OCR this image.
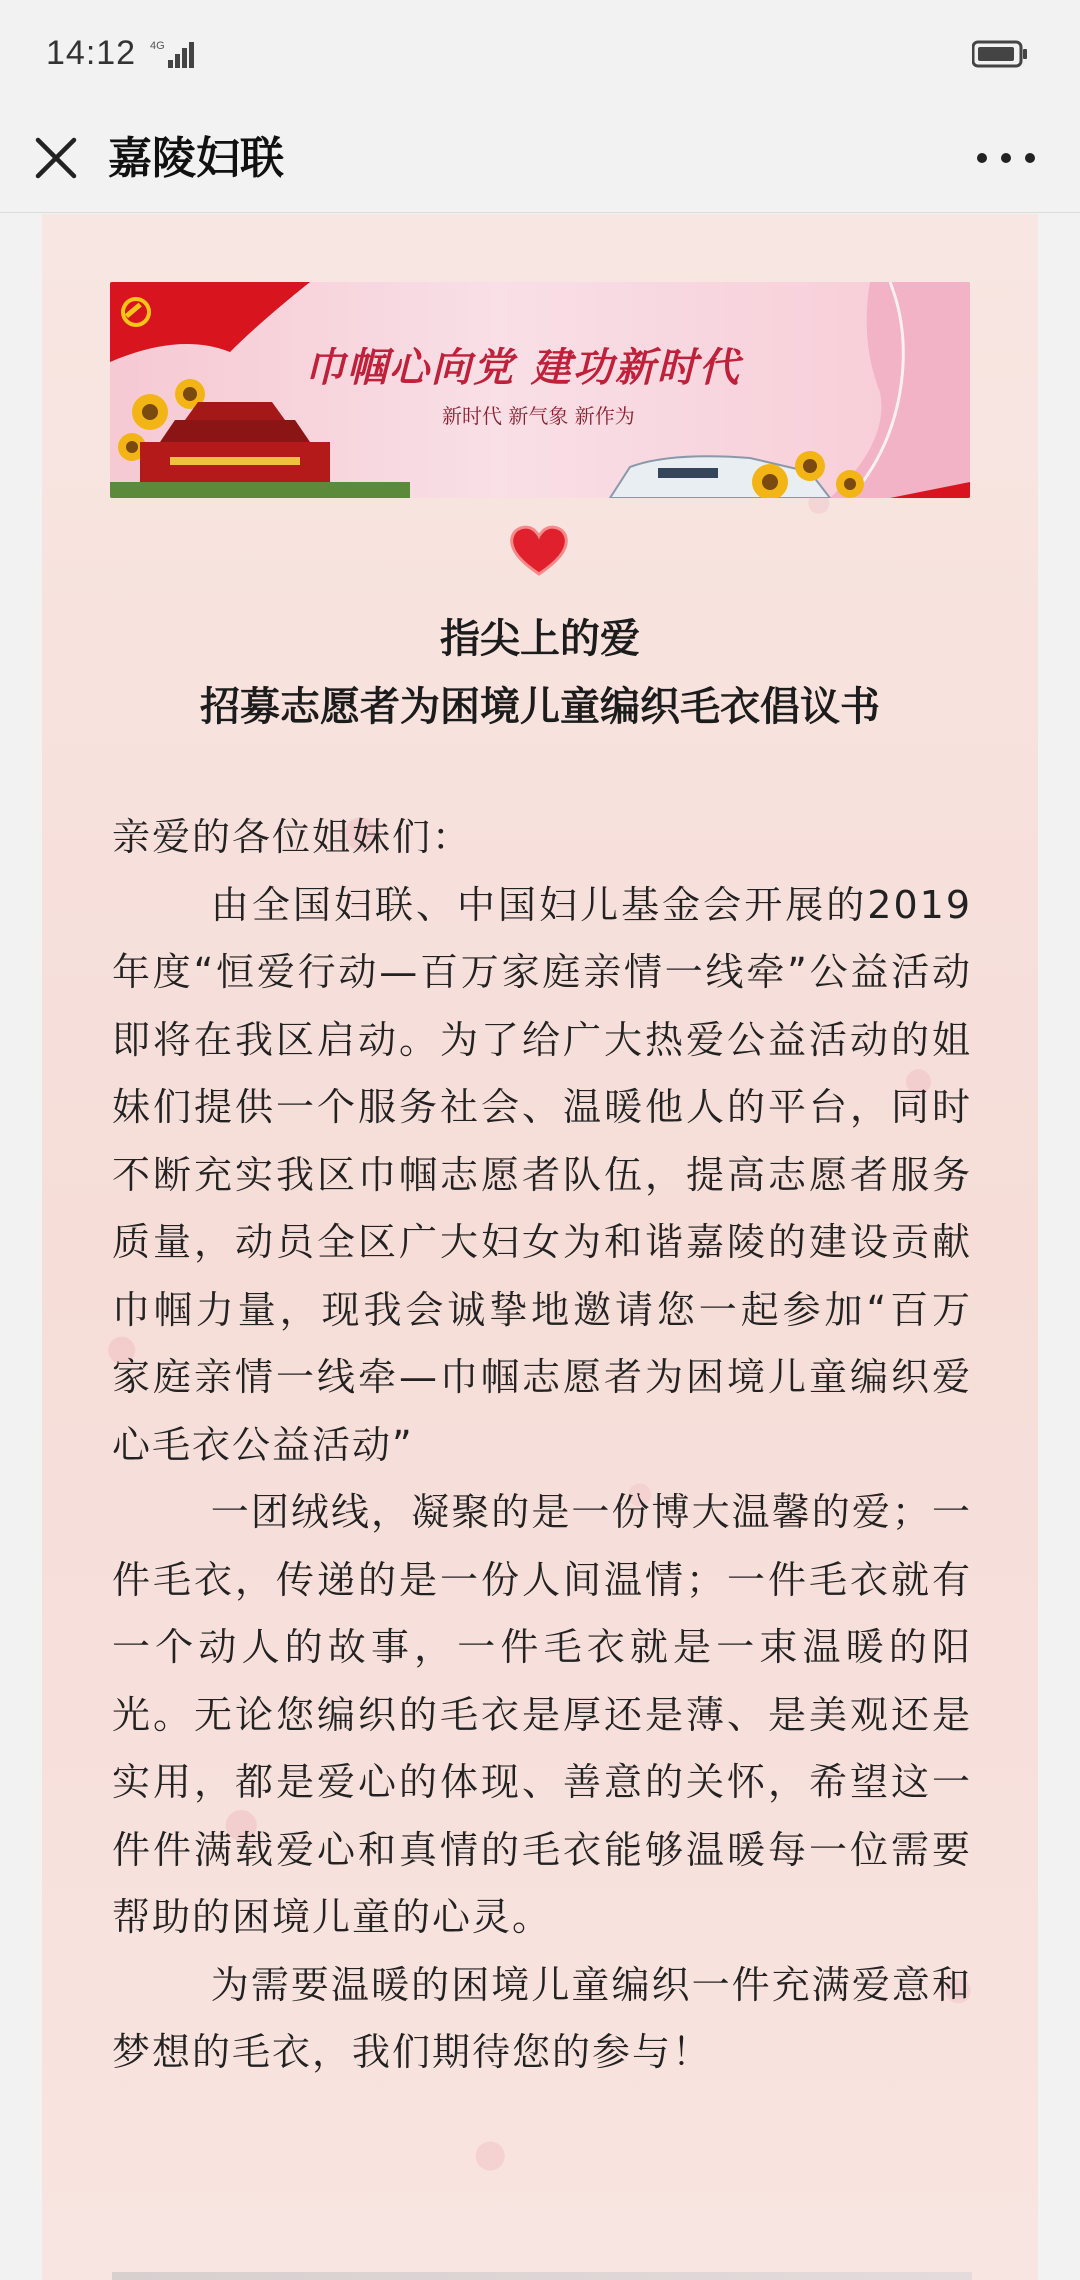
14:12 4G
嘉陵妇联
巾帼心向党 建功新时代
新时代 新气象 新作为
指尖上的爱
招募志愿者为困境儿童编织毛衣倡议书

亲爱的各位姐妹们：

由全国妇联、中国妇儿基金会开展的2019年度“恒爱行动—百万家庭亲情一线牵”公益活动即将在我区启动。为了给广大热爱公益活动的姐妹们提供一个服务社会、温暖他人的平台，同时不断充实我区巾帼志愿者队伍，提高志愿者服务质量，动员全区广大妇女为和谐嘉陵的建设贡献巾帼力量，现我会诚挚地邀请您一起参加“百万家庭亲情一线牵—巾帼志愿者为困境儿童编织爱心毛衣公益活动”

一团绒线，凝聚的是一份博大温馨的爱；一件毛衣，传递的是一份人间温情；一件毛衣就有一个动人的故事，一件毛衣就是一束温暖的阳光。无论您编织的毛衣是厚还是薄、是美观还是实用，都是爱心的体现、善意的关怀，希望这一件件满载爱心和真情的毛衣能够温暖每一位需要帮助的困境儿童的心灵。

为需要温暖的困境儿童编织一件充满爱意和梦想的毛衣，我们期待您的参与！
